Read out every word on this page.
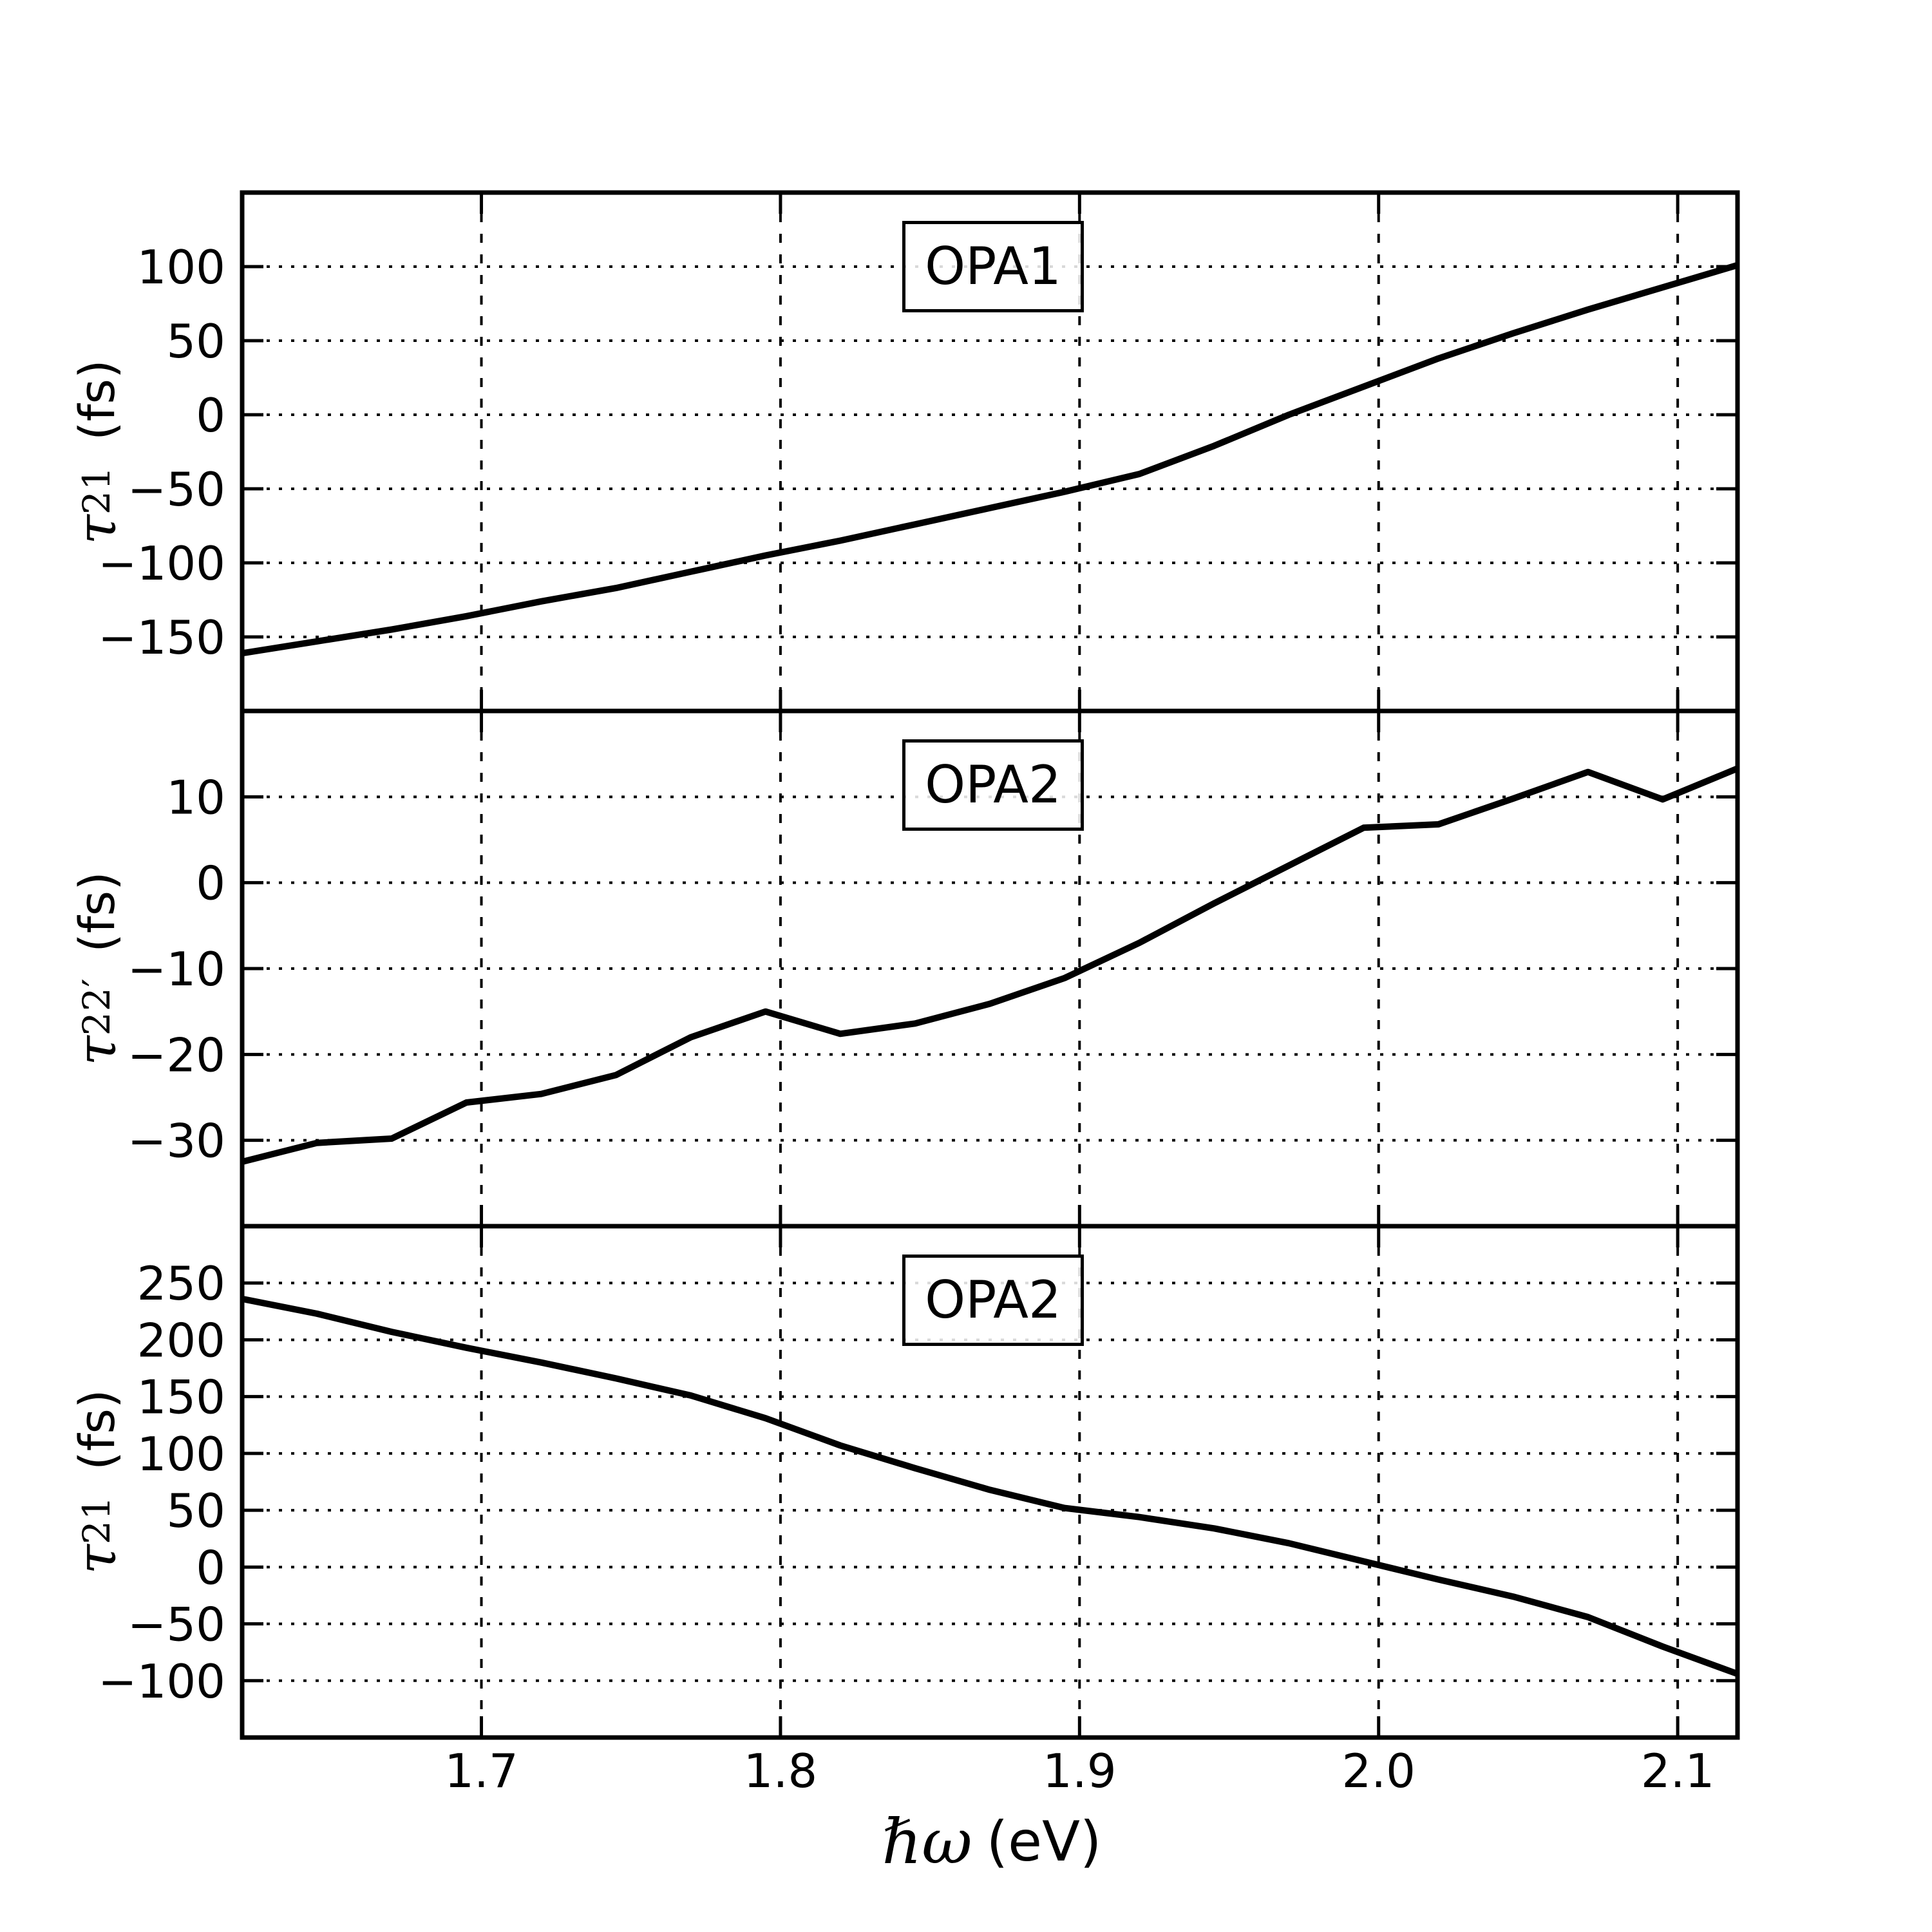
−150
−100
−50
0
50
100
−30
−20
−10
0
10
−100
−50
0
50
100
150
200
250
1.7	1.8	1.9	2.0	2.1
τ
21

(fs)
τ
22′

(fs)
τ
21

(fs)
OPA1
OPA2
OPA2
ℏω (eV)
